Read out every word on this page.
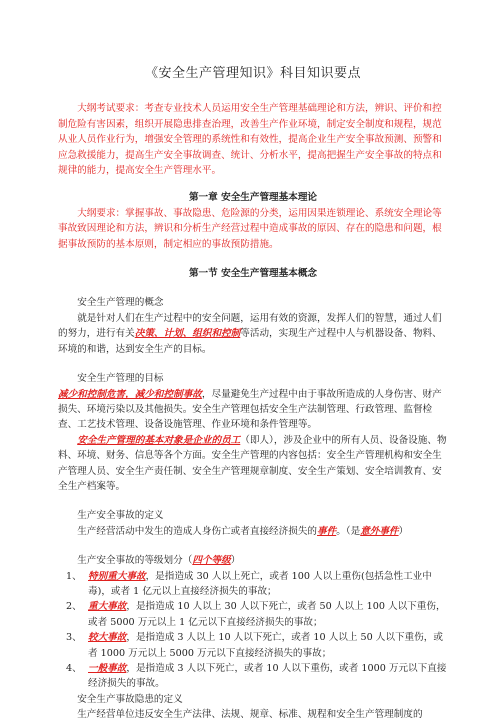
《安全生产管理知识》科目知识要点

大纲考试要求：考查专业技术人员运用安全生产管理基础理论和方法，辨识、评价和控制危险有害因素，组织开展隐患排查治理，改善生产作业环境，制定安全制度和规程，规范从业人员作业行为，增强安全管理的系统性和有效性，提高企业生产安全事故预测、预警和应急救援能力，提高生产安全事故调查、统计、分析水平，提高把握生产安全事故的特点和规律的能力，提高安全生产管理水平。

第一章 安全生产管理基本理论

大纲要求：掌握事故、事故隐患、危险源的分类，运用因果连锁理论、系统安全理论等事故致因理论和方法，辨识和分析生产经营过程中造成事故的原因、存在的隐患和问题，根据事故预防的基本原则，制定相应的事故预防措施。

第一节 安全生产管理基本概念

安全生产管理的概念

就是针对人们在生产过程中的安全问题，运用有效的资源，发挥人们的智慧，通过人们的努力，进行有关决策、计划、组织和控制等活动，实现生产过程中人与机器设备、物料、环境的和谐，达到安全生产的目标。

安全生产管理的目标

减少和控制危害，减少和控制事故，尽量避免生产过程中由于事故所造成的人身伤害、财产损失、环境污染以及其他损失。安全生产管理包括安全生产法制管理、行政管理、监督检查、工艺技术管理、设备设施管理、作业环境和条件管理等。

安全生产管理的基本对象是企业的员工（即人），涉及企业中的所有人员、设备设施、物料、环境、财务、信息等各个方面。安全生产管理的内容包括：安全生产管理机构和安全生产管理人员、安全生产责任制、安全生产管理规章制度、安全生产策划、安全培训教育、安全生产档案等。

生产安全事故的定义

生产经营活动中发生的造成人身伤亡或者直接经济损失的事件。（是意外事件）

生产安全事故的等级划分（四个等级）

1、 特别重大事故，是指造成 30 人以上死亡，或者 100 人以上重伤(包括急性工业中毒)，或者 1 亿元以上直接经济损失的事故；
2、 重大事故，是指造成 10 人以上 30 人以下死亡，或者 50 人以上 100 人以下重伤，或者 5000 万元以上 1 亿元以下直接经济损失的事故；
3、 较大事故，是指造成 3 人以上 10 人以下死亡，或者 10 人以上 50 人以下重伤，或者 1000 万元以上 5000 万元以下直接经济损失的事故；
4、 一般事故，是指造成 3 人以下死亡，或者 10 人以下重伤，或者 1000 万元以下直接经济损失的事故。

安全生产事故隐患的定义

生产经营单位违反安全生产法律、法规、规章、标准、规程和安全生产管理制度的
